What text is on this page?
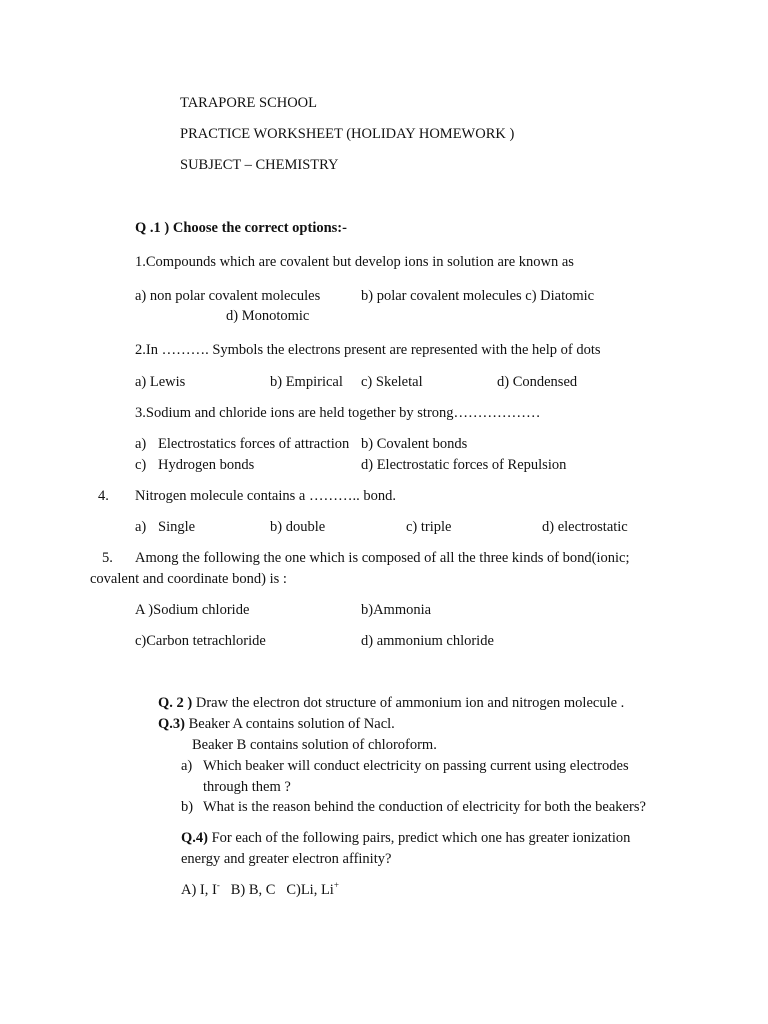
TARAPORE SCHOOL
PRACTICE WORKSHEET (HOLIDAY HOMEWORK )
SUBJECT – CHEMISTRY
Q .1 ) Choose the correct options:-
1.Compounds which are covalent but develop ions in solution are known as
a) non polar covalent molecules	b) polar covalent molecules c) Diatomic
d) Monotomic
2.In ………. Symbols the electrons present are represented with the help of dots
a) Lewis	b) Empirical c) Skeletal	d) Condensed
3.Sodium and chloride ions are held together by strong………………
a) Electrostatics forces of attraction b) Covalent bonds
c) Hydrogen bonds	d) Electrostatic forces of Repulsion
4. Nitrogen molecule contains a ……….. bond.
a) Single	b) double	c) triple	d) electrostatic
5. Among the following the one which is composed of all the three kinds of bond(ionic;
covalent and coordinate bond) is :
A )Sodium chloride	b)Ammonia
c)Carbon tetrachloride	d) ammonium chloride
Q. 2 ) Draw the electron dot structure of ammonium ion and nitrogen molecule .
Q.3) Beaker A contains solution of Nacl.
Beaker B contains solution of chloroform.
a) Which beaker will conduct electricity on passing current using electrodes
through them ?
b) What is the reason behind the conduction of electricity for both the beakers?
Q.4) For each of the following pairs, predict which one has greater ionization
energy and greater electron affinity?
A) I, I- B) B, C C)Li, Li+
